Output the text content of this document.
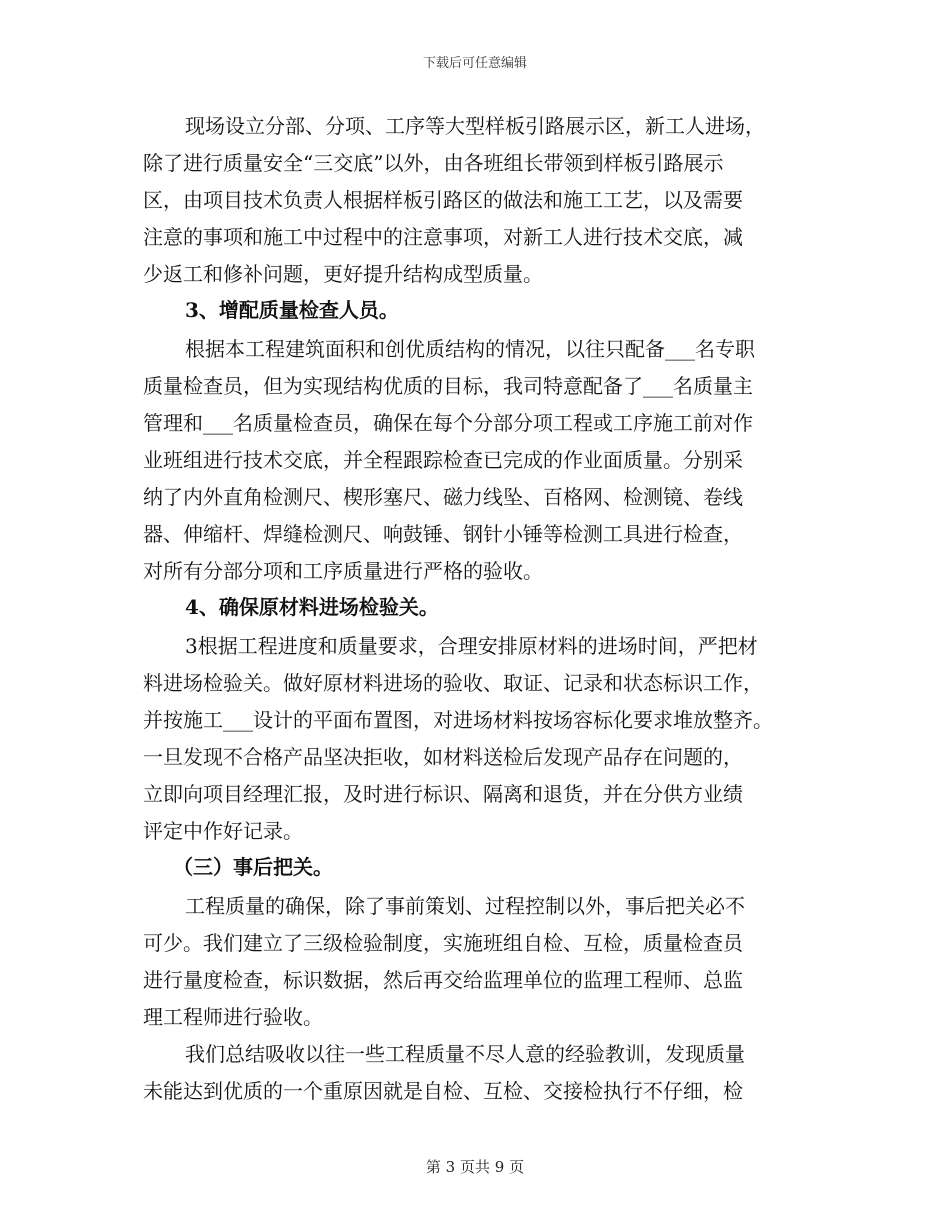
下载后可任意编辑
现场设立分部、分项、工序等大型样板引路展示区，新工人进场，
除了进行质量安全“三交底”以外，由各班组长带领到样板引路展示
区，由项目技术负责人根据样板引路区的做法和施工工艺，以及需要
注意的事项和施工中过程中的注意事项，对新工人进行技术交底，减
少返工和修补问题，更好提升结构成型质量。
3、增配质量检查人员。
根据本工程建筑面积和创优质结构的情况，以往只配备___名专职
质量检查员，但为实现结构优质的目标，我司特意配备了___名质量主
管理和___名质量检查员，确保在每个分部分项工程或工序施工前对作
业班组进行技术交底，并全程跟踪检查已完成的作业面质量。分别采
纳了内外直角检测尺、楔形塞尺、磁力线坠、百格网、检测镜、卷线
器、伸缩杆、焊缝检测尺、响鼓锤、钢针小锤等检测工具进行检查，
对所有分部分项和工序质量进行严格的验收。
4、确保原材料进场检验关。
3根据工程进度和质量要求，合理安排原材料的进场时间，严把材
料进场检验关。做好原材料进场的验收、取证、记录和状态标识工作，
并按施工___设计的平面布置图，对进场材料按场容标化要求堆放整齐。
一旦发现不合格产品坚决拒收，如材料送检后发现产品存在问题的，
立即向项目经理汇报，及时进行标识、隔离和退货，并在分供方业绩
评定中作好记录。
（三）事后把关。
工程质量的确保，除了事前策划、过程控制以外，事后把关必不
可少。我们建立了三级检验制度，实施班组自检、互检，质量检查员
进行量度检查，标识数据，然后再交给监理单位的监理工程师、总监
理工程师进行验收。
我们总结吸收以往一些工程质量不尽人意的经验教训，发现质量
未能达到优质的一个重原因就是自检、互检、交接检执行不仔细，检
第 3 页共 9 页
